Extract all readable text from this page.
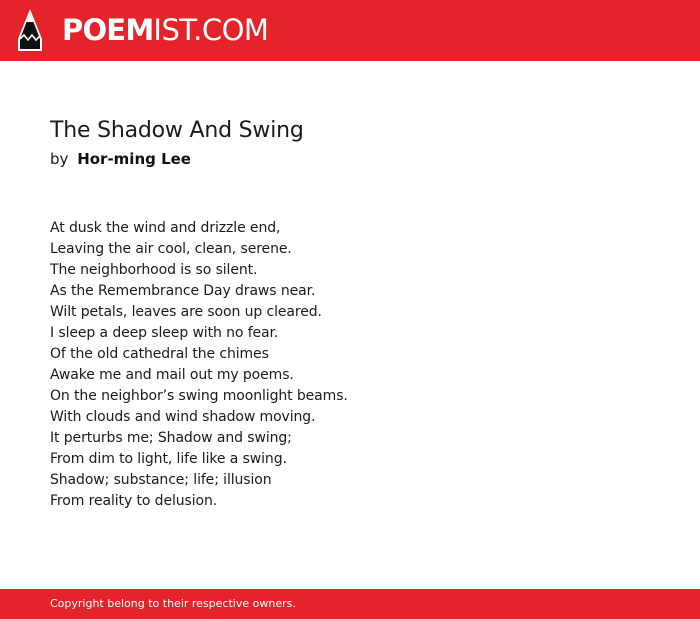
POEMIST.COM
The Shadow And Swing
by Hor-ming Lee
At dusk the wind and drizzle end,
Leaving the air cool, clean, serene.
The neighborhood is so silent.
As the Remembrance Day draws near.
Wilt petals, leaves are soon up cleared.
I sleep a deep sleep with no fear.
Of the old cathedral the chimes
Awake me and mail out my poems.
On the neighbor’s swing moonlight beams.
With clouds and wind shadow moving.
It perturbs me; Shadow and swing;
From dim to light, life like a swing.
Shadow; substance; life; illusion
From reality to delusion.
Copyright belong to their respective owners.
